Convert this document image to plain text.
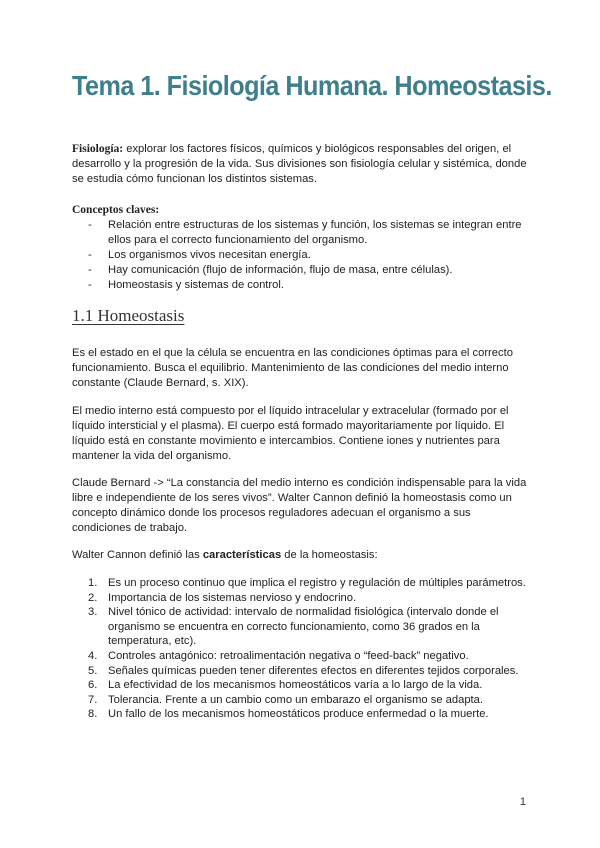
Tema 1. Fisiología Humana. Homeostasis.

Fisiología: explorar los factores físicos, químicos y biológicos responsables del origen, el desarrollo y la progresión de la vida. Sus divisiones son fisiología celular y sistémica, donde se estudia cómo funcionan los distintos sistemas.

Conceptos claves:

- Relación entre estructuras de los sistemas y función, los sistemas se integran entre ellos para el correcto funcionamiento del organismo.
- Los organismos vivos necesitan energía.
- Hay comunicación (flujo de información, flujo de masa, entre células).
- Homeostasis y sistemas de control.
1.1 Homeostasis

Es el estado en el que la célula se encuentra en las condiciones óptimas para el correcto funcionamiento. Busca el equilibrio. Mantenimiento de las condiciones del medio interno constante (Claude Bernard, s. XIX).

El medio interno está compuesto por el líquido intracelular y extracelular (formado por el líquido intersticial y el plasma). El cuerpo está formado mayoritariamente por líquido. El líquido está en constante movimiento e intercambios. Contiene iones y nutrientes para mantener la vida del organismo.

Claude Bernard -> “La constancia del medio interno es condición indispensable para la vida libre e independiente de los seres vivos”. Walter Cannon definió la homeostasis como un concepto dinámico donde los procesos reguladores adecuan el organismo a sus condiciones de trabajo.

Walter Cannon definió las características de la homeostasis:

1. Es un proceso continuo que implica el registro y regulación de múltiples parámetros.
2. Importancia de los sistemas nervioso y endocrino.
3. Nivel tónico de actividad: intervalo de normalidad fisiológica (intervalo donde el organismo se encuentra en correcto funcionamiento, como 36 grados en la temperatura, etc).
4. Controles antagónico: retroalimentación negativa o “feed-back” negativo.
5. Señales químicas pueden tener diferentes efectos en diferentes tejidos corporales.
6. La efectividad de los mecanismos homeostáticos varía a lo largo de la vida.
7. Tolerancia. Frente a un cambio como un embarazo el organismo se adapta.
8. Un fallo de los mecanismos homeostáticos produce enfermedad o la muerte.
1
